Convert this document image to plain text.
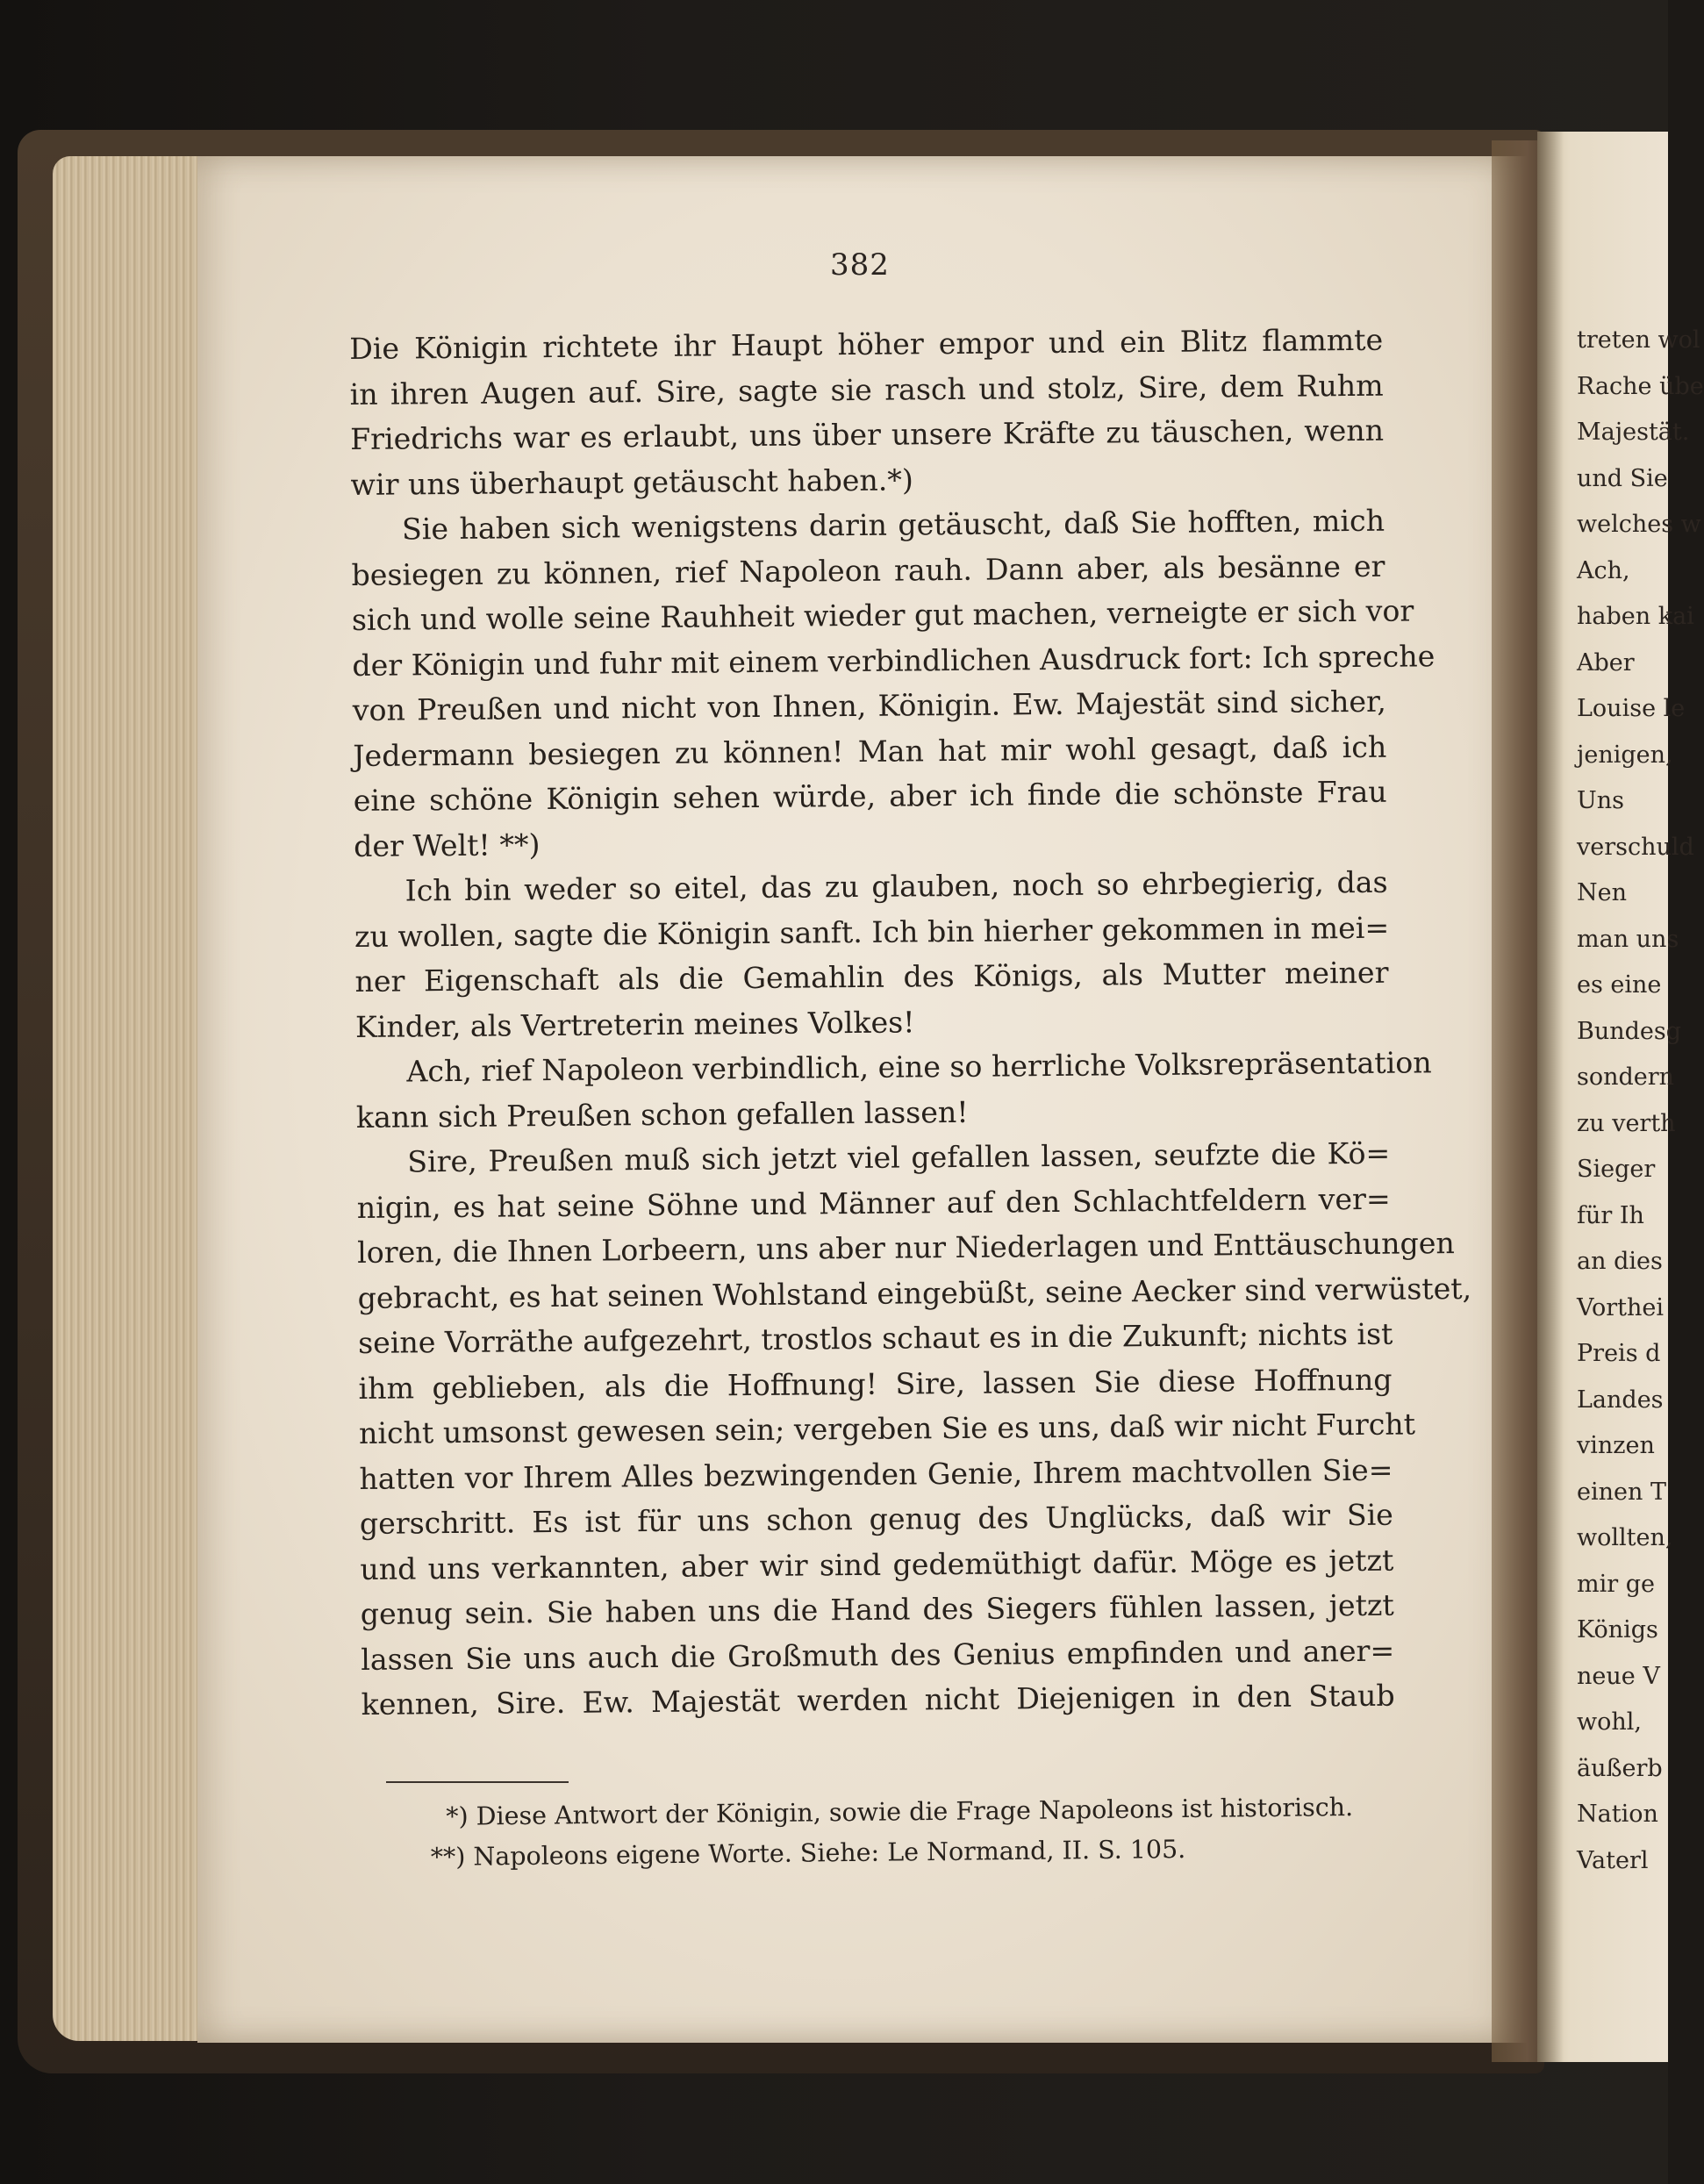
382
Die Königin richtete ihr Haupt höher empor und ein Blitz flammte
in ihren Augen auf. Sire, sagte sie rasch und stolz, Sire, dem Ruhm
Friedrichs war es erlaubt, uns über unsere Kräfte zu täuschen, wenn
wir uns überhaupt getäuscht haben.*)
Sie haben sich wenigstens darin getäuscht, daß Sie hofften, mich
besiegen zu können, rief Napoleon rauh. Dann aber, als besänne er
sich und wolle seine Rauhheit wieder gut machen, verneigte er sich vor
der Königin und fuhr mit einem verbindlichen Ausdruck fort: Ich spreche
von Preußen und nicht von Ihnen, Königin. Ew. Majestät sind sicher,
Jedermann besiegen zu können! Man hat mir wohl gesagt, daß ich
eine schöne Königin sehen würde, aber ich finde die schönste Frau
der Welt! **)
Ich bin weder so eitel, das zu glauben, noch so ehrbegierig, das
zu wollen, sagte die Königin sanft. Ich bin hierher gekommen in mei=
ner Eigenschaft als die Gemahlin des Königs, als Mutter meiner
Kinder, als Vertreterin meines Volkes!
Ach, rief Napoleon verbindlich, eine so herrliche Volksrepräsentation
kann sich Preußen schon gefallen lassen!
Sire, Preußen muß sich jetzt viel gefallen lassen, seufzte die Kö=
nigin, es hat seine Söhne und Männer auf den Schlachtfeldern ver=
loren, die Ihnen Lorbeern, uns aber nur Niederlagen und Enttäuschungen
gebracht, es hat seinen Wohlstand eingebüßt, seine Aecker sind verwüstet,
seine Vorräthe aufgezehrt, trostlos schaut es in die Zukunft; nichts ist
ihm geblieben, als die Hoffnung! Sire, lassen Sie diese Hoffnung
nicht umsonst gewesen sein; vergeben Sie es uns, daß wir nicht Furcht
hatten vor Ihrem Alles bezwingenden Genie, Ihrem machtvollen Sie=
gerschritt. Es ist für uns schon genug des Unglücks, daß wir Sie
und uns verkannten, aber wir sind gedemüthigt dafür. Möge es jetzt
genug sein. Sie haben uns die Hand des Siegers fühlen lassen, jetzt
lassen Sie uns auch die Großmuth des Genius empfinden und aner=
kennen, Sire. Ew. Majestät werden nicht Diejenigen in den Staub
*) Diese Antwort der Königin, sowie die Frage Napoleons ist historisch.
**) Napoleons eigene Worte. Siehe: Le Normand, II. S. 105.
treten wol
Rache übe
Majestät.
und Sie
welches w
Ach,
haben kai
Aber
Louise le
jenigen,
Uns
verschuld
Nen
man uns
es eine
Bundesg
sondern
zu verth
Sieger
für Ih
an dies
Vorthei
Preis d
Landes
vinzen
einen T
wollten,
mir ge
Königs
neue V
wohl,
äußerb
Nation
Vaterl
